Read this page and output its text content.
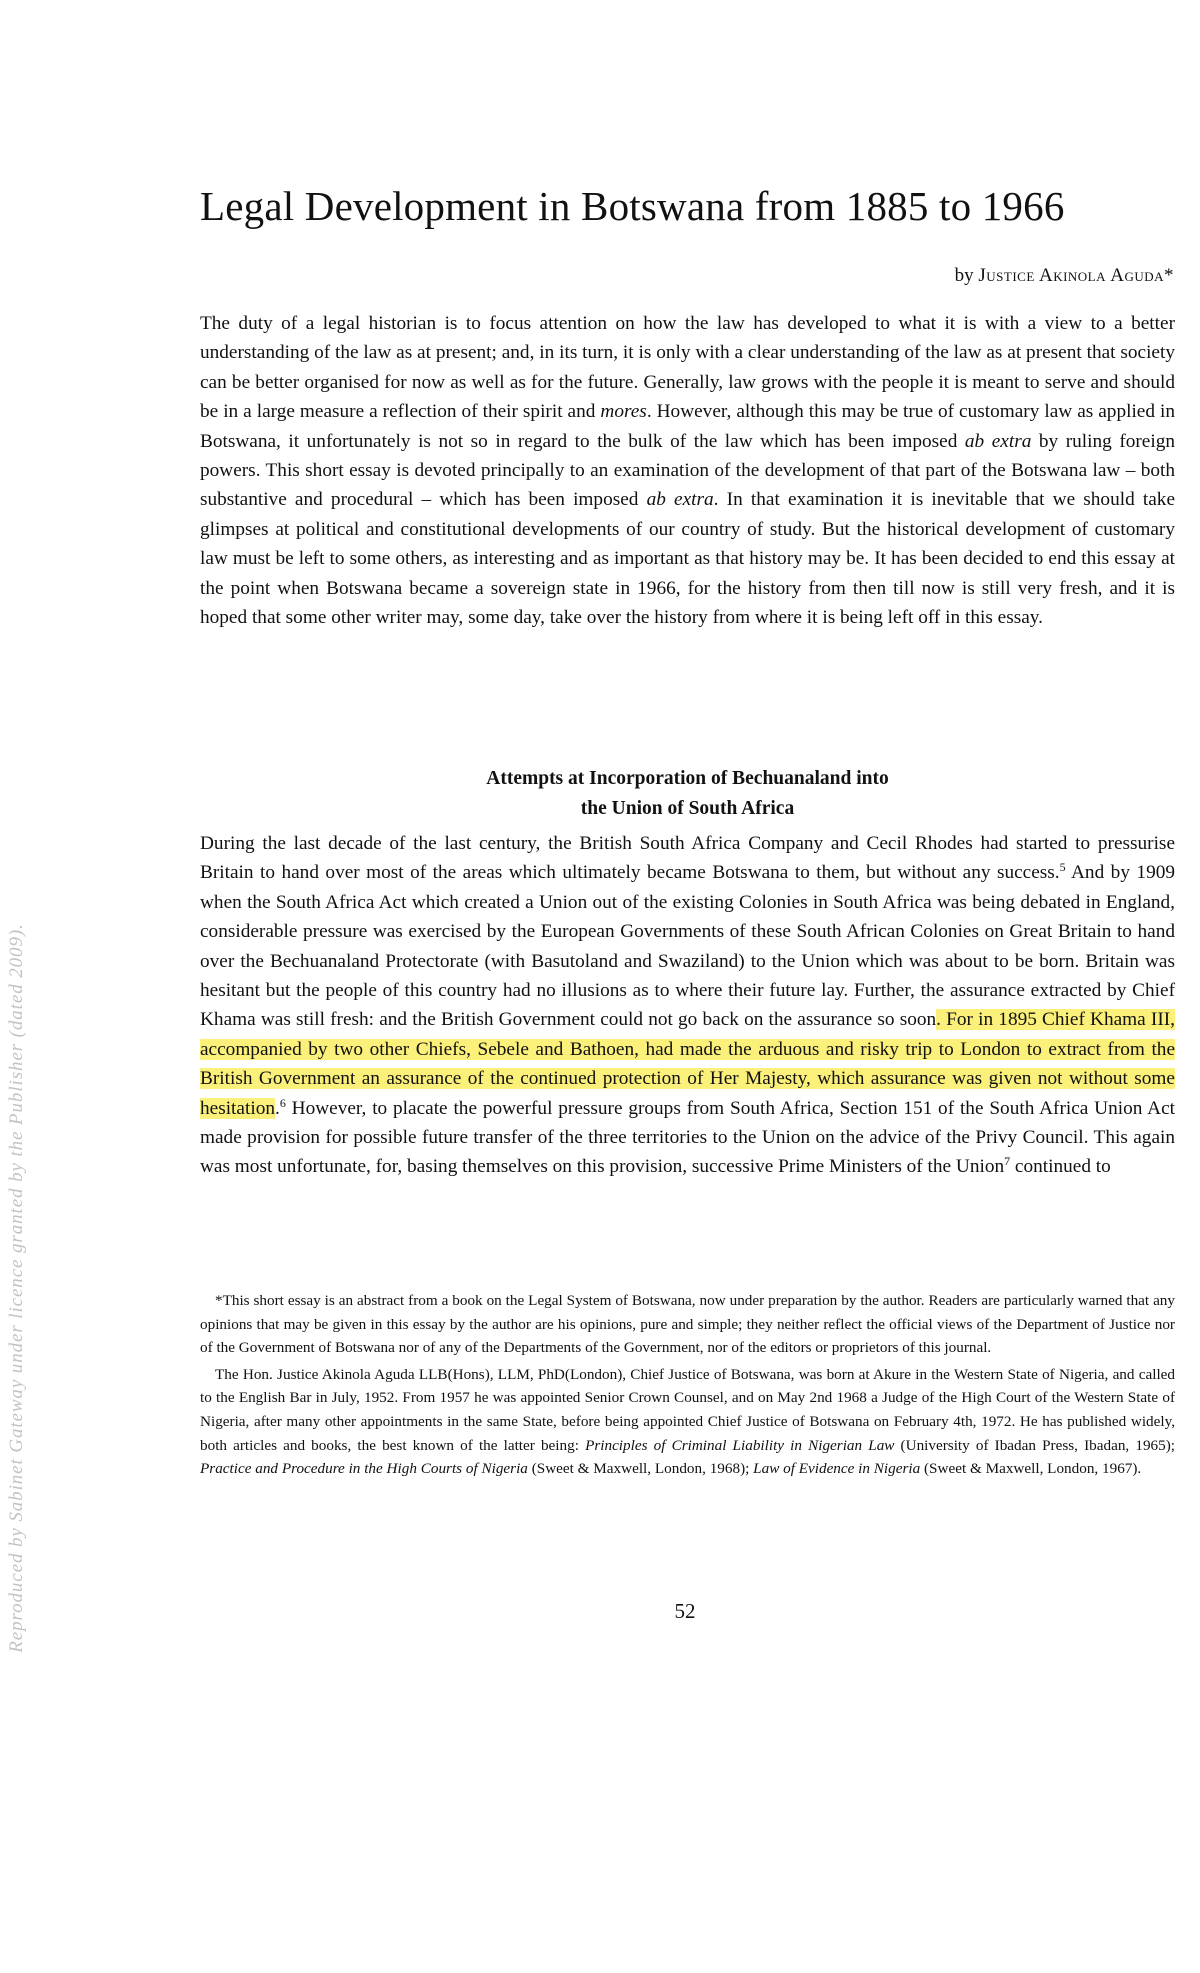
Legal Development in Botswana from 1885 to 1966

by Justice Akinola Aguda*

The duty of a legal historian is to focus attention on how the law has developed to what it is with a view to a better understanding of the law as at present; and, in its turn, it is only with a clear understanding of the law as at present that society can be better organised for now as well as for the future. Generally, law grows with the people it is meant to serve and should be in a large measure a reflection of their spirit and mores. However, although this may be true of customary law as applied in Botswana, it unfortunately is not so in regard to the bulk of the law which has been imposed ab extra by ruling foreign powers. This short essay is devoted principally to an examination of the development of that part of the Botswana law – both substantive and procedural – which has been imposed ab extra. In that examination it is inevitable that we should take glimpses at political and constitutional developments of our country of study. But the historical development of customary law must be left to some others, as interesting and as important as that history may be. It has been decided to end this essay at the point when Botswana became a sovereign state in 1966, for the history from then till now is still very fresh, and it is hoped that some other writer may, some day, take over the history from where it is being left off in this essay.

Attempts at Incorporation of Bechuanaland into
the Union of South Africa

During the last decade of the last century, the British South Africa Company and Cecil Rhodes had started to pressurise Britain to hand over most of the areas which ultimately became Botswana to them, but without any success.$^5$ And by 1909 when the South Africa Act which created a Union out of the existing Colonies in South Africa was being debated in England, considerable pressure was exercised by the European Governments of these South African Colonies on Great Britain to hand over the Bechuanaland Protectorate (with Basutoland and Swaziland) to the Union which was about to be born. Britain was hesitant but the people of this country had no illusions as to where their future lay. Further, the assurance extracted by Chief Khama was still fresh: and the British Government could not go back on the assurance so soon. For in 1895 Chief Khama III, accompanied by two other Chiefs, Sebele and Bathoen, had made the arduous and risky trip to London to extract from the British Government an assurance of the continued protection of Her Majesty, which assurance was given not without some hesitation.$^6$ However, to placate the powerful pressure groups from South Africa, Section 151 of the South Africa Union Act made provision for possible future transfer of the three territories to the Union on the advice of the Privy Council. This again was most unfortunate, for, basing themselves on this provision, successive Prime Ministers of the Union$^7$ continued to

*This short essay is an abstract from a book on the Legal System of Botswana, now under preparation by the author. Readers are particularly warned that any opinions that may be given in this essay by the author are his opinions, pure and simple; they neither reflect the official views of the Department of Justice nor of the Government of Botswana nor of any of the Departments of the Government, nor of the editors or proprietors of this journal.

The Hon. Justice Akinola Aguda LLB(Hons), LLM, PhD(London), Chief Justice of Botswana, was born at Akure in the Western State of Nigeria, and called to the English Bar in July, 1952. From 1957 he was appointed Senior Crown Counsel, and on May 2nd 1968 a Judge of the High Court of the Western State of Nigeria, after many other appointments in the same State, before being appointed Chief Justice of Botswana on February 4th, 1972. He has published widely, both articles and books, the best known of the latter being: Principles of Criminal Liability in Nigerian Law (University of Ibadan Press, Ibadan, 1965); Practice and Procedure in the High Courts of Nigeria (Sweet & Maxwell, London, 1968); Law of Evidence in Nigeria (Sweet & Maxwell, London, 1967).

52

Reproduced by Sabinet Gateway under licence granted by the Publisher (dated 2009).
